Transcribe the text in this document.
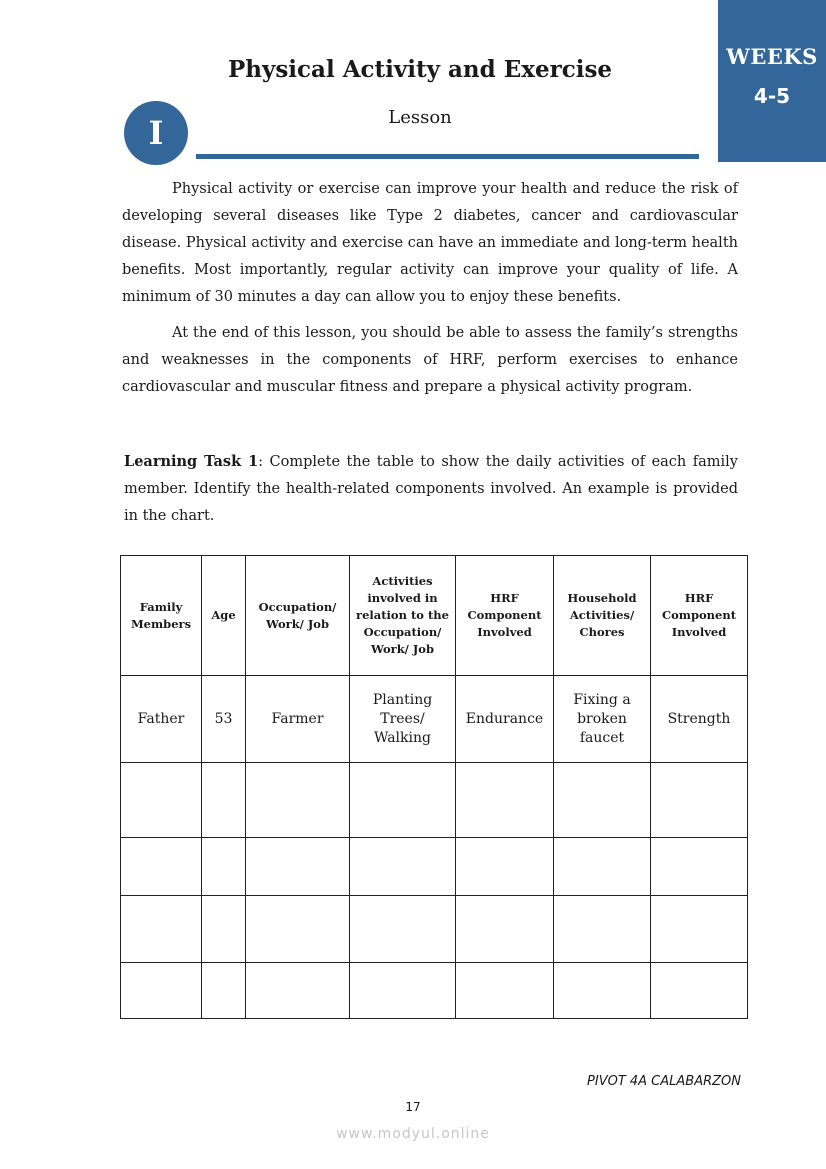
WEEKS
4-5
Physical Activity and Exercise
Lesson
I

Physical activity or exercise can improve your health and reduce the risk of developing several diseases like Type 2 diabetes, cancer and cardiovascular disease. Physical activity and exercise can have an immediate and long-term health benefits. Most importantly, regular activity can improve your quality of life. A minimum of 30 minutes a day can allow you to enjoy these benefits.

At the end of this lesson, you should be able to assess the family’s strengths and weaknesses in the components of HRF, perform exercises to enhance cardiovascular and muscular fitness and prepare a physical activity program.

Learning Task 1: Complete the table to show the daily activities of each family member. Identify the health-related components involved. An example is provided in the chart.

Family Members	Age	Occupation/ Work/ Job	Activities involved in relation to the Occupation/ Work/ Job	HRF Component Involved	Household Activities/ Chores	HRF Component Involved
Father	53	Farmer	Planting Trees/ Walking	Endurance	Fixing a broken faucet	Strength

PIVOT 4A CALABARZON
17
www.modyul.online
